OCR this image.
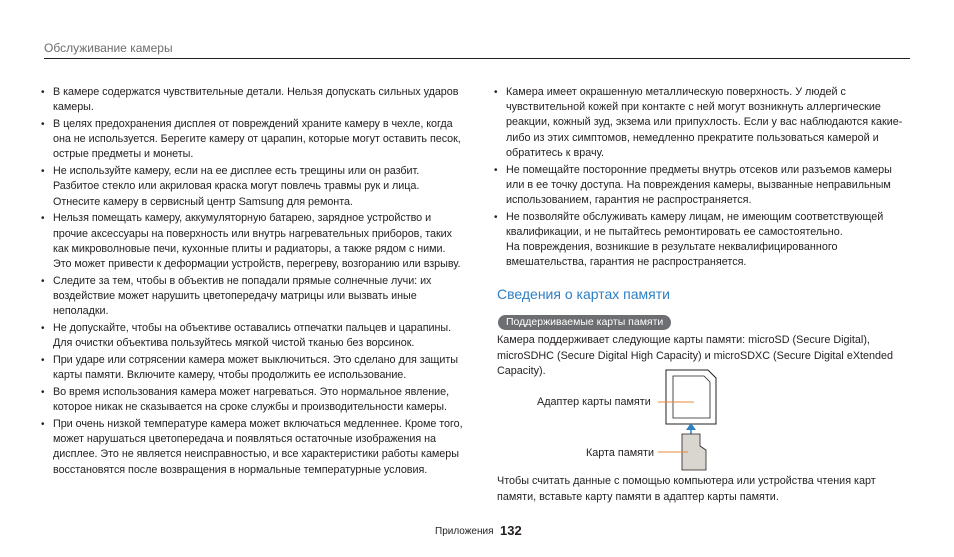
Обслуживание камеры
• В камере содержатся чувствительные детали. Нельзя допускать сильных ударов камеры.
• В целях предохранения дисплея от повреждений храните камеру в чехле, когда она не используется. Берегите камеру от царапин, которые могут оставить песок, острые предметы и монеты.
• Не используйте камеру, если на ее дисплее есть трещины или он разбит. Разбитое стекло или акриловая краска могут повлечь травмы рук и лица. Отнесите камеру в сервисный центр Samsung для ремонта.
• Нельзя помещать камеру, аккумуляторную батарею, зарядное устройство и прочие аксессуары на поверхность или внутрь нагревательных приборов, таких как микроволновые печи, кухонные плиты и радиаторы, а также рядом с ними. Это может привести к деформации устройств, перегреву, возгоранию или взрыву.
• Следите за тем, чтобы в объектив не попадали прямые солнечные лучи: их воздействие может нарушить цветопередачу матрицы или вызвать иные неполадки.
• Не допускайте, чтобы на объективе оставались отпечатки пальцев и царапины. Для очистки объектива пользуйтесь мягкой чистой тканью без ворсинок.
• При ударе или сотрясении камера может выключиться. Это сделано для защиты карты памяти. Включите камеру, чтобы продолжить ее использование.
• Во время использования камера может нагреваться. Это нормальное явление, которое никак не сказывается на сроке службы и производительности камеры.
• При очень низкой температуре камера может включаться медленнее. Кроме того, может нарушаться цветопередача и появляться остаточные изображения на дисплее. Это не является неисправностью, и все характеристики работы камеры восстановятся после возвращения в нормальные температурные условия.
• Камера имеет окрашенную металлическую поверхность. У людей с чувствительной кожей при контакте с ней могут возникнуть аллергические реакции, кожный зуд, экзема или припухлость. Если у вас наблюдаются какие-либо из этих симптомов, немедленно прекратите пользоваться камерой и обратитесь к врачу.
• Не помещайте посторонние предметы внутрь отсеков или разъемов камеры или в ее точку доступа. На повреждения камеры, вызванные неправильным использованием, гарантия не распространяется.
• Не позволяйте обслуживать камеру лицам, не имеющим соответствующей квалификации, и не пытайтесь ремонтировать ее самостоятельно.
На повреждения, возникшие в результате неквалифицированного вмешательства, гарантия не распространяется.
Сведения о картах памяти
Поддерживаемые карты памяти
Камера поддерживает следующие карты памяти: microSD (Secure Digital), microSDHC (Secure Digital High Capacity) и microSDXC (Secure Digital eXtended Capacity).
Адаптер карты памяти
Карта памяти
Чтобы считать данные с помощью компьютера или устройства чтения карт памяти, вставьте карту памяти в адаптер карты памяти.
Приложения 132
